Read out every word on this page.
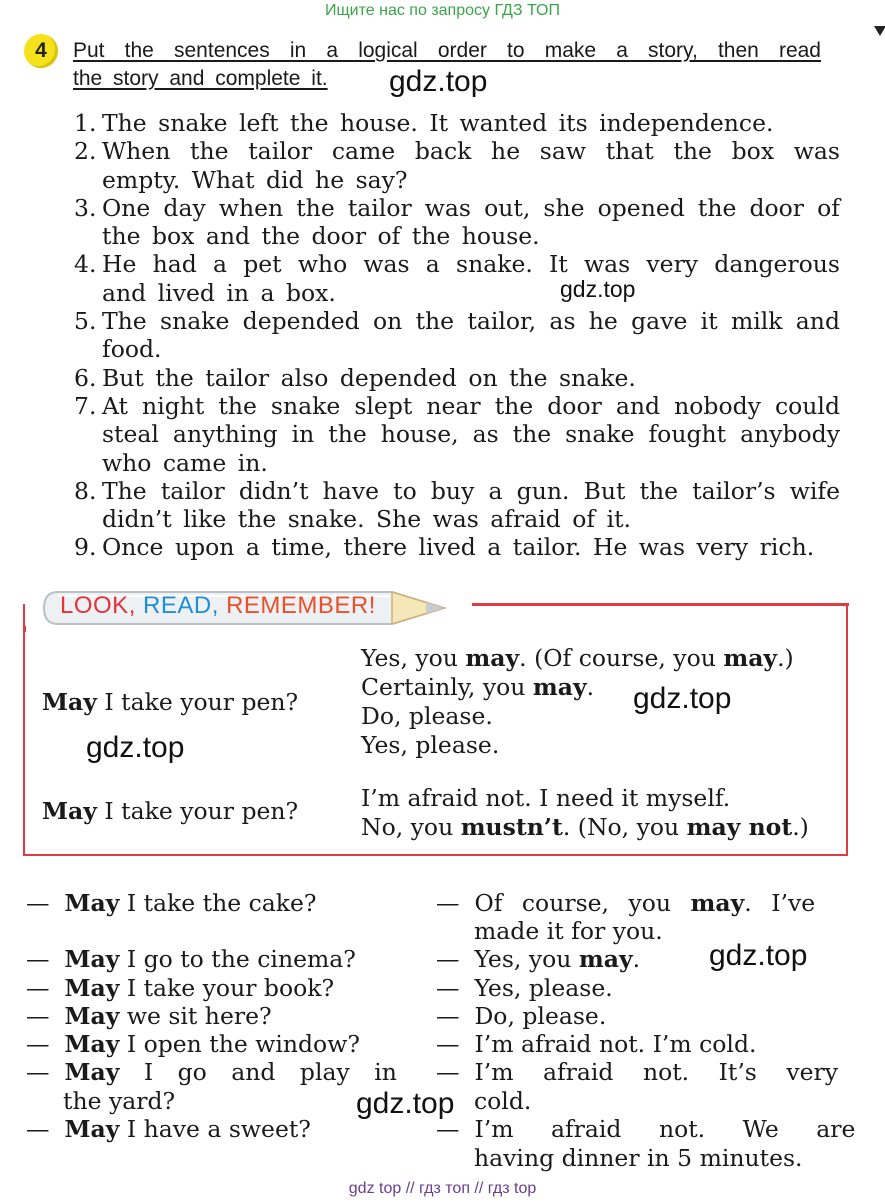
Ищите нас по запросу ГДЗ ТОП
4	Put the sentences in a logical order to make a story, then read
the story and complete it. gdz.top
1. The snake left the house. It wanted its independence.
2. When the tailor came back he saw that the box was empty. What did he say?
3. One day when the tailor was out, she opened the door of the box and the door of the house.
4. He had a pet who was a snake. It was very dangerous and lived in a box.
5. The snake depended on the tailor, as he gave it milk and food.
6. But the tailor also depended on the snake.
7. At night the snake slept near the door and nobody could steal anything in the house, as the snake fought anybody who came in.
8. The tailor didn’t have to buy a gun. But the tailor’s wife didn’t like the snake. She was afraid of it.
9. Once upon a time, there lived a tailor. He was very rich.
gdz.top
LOOK, READ, REMEMBER!
May I take your pen?
Yes, you may. (Of course, you may.)
Certainly, you may.
Do, please.
Yes, please.
gdz.top
gdz.top
May I take your pen?	I’m afraid not. I need it myself.
No, you mustn’t. (No, you may not.)
— May I take the cake?
— May I go to the cinema?
— May I take your book?
— May we sit here?
— May I open the window?
— May I go and play in
the yard?
— May I have a sweet?
— Of course, you may. I’ve
made it for you.
— Yes, you may.
— Yes, please.
— Do, please.
— I’m afraid not. I’m cold.
— I’m afraid not. It’s very
cold.
— I’m afraid not. We are
having dinner in 5 minutes.
gdz.top
gdz.top
gdz top // гдз топ // гдз top
